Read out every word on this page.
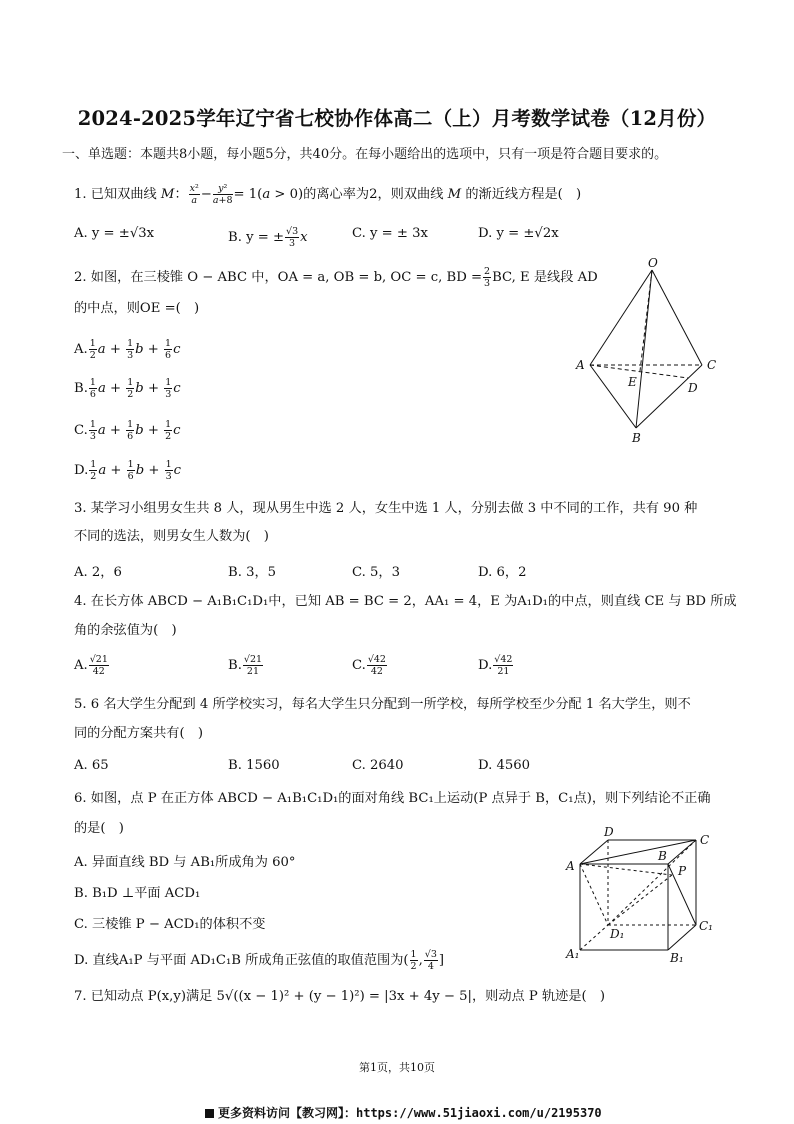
2024-2025学年辽宁省七校协作体高二（上）月考数学试卷（12月份）
一、单选题：本题共8小题，每小题5分，共40分。在每小题给出的选项中，只有一项是符合题目要求的。
1. 已知双曲线 M： $\frac{\text{x²}}{a} - \frac{\text{y²}}{a+8} = 1(a > 0)$的离心率为2，则双曲线 M 的渐近线方程是(　)
A. y = ±√3x	B. y = ± $\frac{√3}{3}$ x	C. y = ± 3x	D. y = ±√2x
2. 如图，在三棱锥 O − ABC 中，OA = a, OB = b, OC = c, BD = $\frac{2}{3}$ BC, E 是线段 AD
的中点，则OE =(　)
A. $\frac{1}{2}$ $a + \frac{1}{3}$ $b + \frac{1}{6}$ c
B. $\frac{1}{6}$ $a + \frac{1}{2}$ $b + \frac{1}{3}$ c
C. $\frac{1}{3}$ $a + \frac{1}{6}$ $b + \frac{1}{2}$ c
D. $\frac{1}{2}$ $a + \frac{1}{6}$ $b + \frac{1}{3}$ c
O
A	C
E	D
B
3. 某学习小组男女生共 8 人，现从男生中选 2 人，女生中选 1 人，分别去做 3 中不同的工作，共有 90 种
不同的选法，则男女生人数为(　)
A. 2，6	B. 3，5	C. 5，3	D. 6，2
4. 在长方体 ABCD − A₁B₁C₁D₁中，已知 AB = BC = 2，AA₁ = 4，E 为A₁D₁的中点，则直线 CE 与 BD 所成
角的余弦值为(　)
A. $\frac{√21}{42}$	B. $\frac{√21}{21}$	C. $\frac{√42}{42}$	D. $\frac{√42}{21}$
5. 6 名大学生分配到 4 所学校实习，每名大学生只分配到一所学校，每所学校至少分配 1 名大学生，则不
同的分配方案共有(　)
A. 65	B. 1560	C. 2640	D. 4560
6. 如图，点 P 在正方体 ABCD − A₁B₁C₁D₁的面对角线 BC₁上运动(P 点异于 B，C₁点)，则下列结论不正确
的是(　)
A. 异面直线 BD 与 AB₁所成角为 60°
B. B₁D ⊥平面 ACD₁
C. 三棱锥 P − ACD₁的体积不变
D. 直线A₁P 与平面 AD₁C₁B 所成角正弦值的取值范围为( $\frac{1}{2}$ , $\frac{√3}{4}$ ]
D
C
A
B
P
D₁
C₁
A₁	B₁
7. 已知动点 P(x,y)满足 5√((x − 1)² + (y − 1)²) = |3x + 4y − 5|，则动点 P 轨迹是(　)
第1页，共10页
更多资料访问【教习网】：https://www.51jiaoxi.com/u/2195370
